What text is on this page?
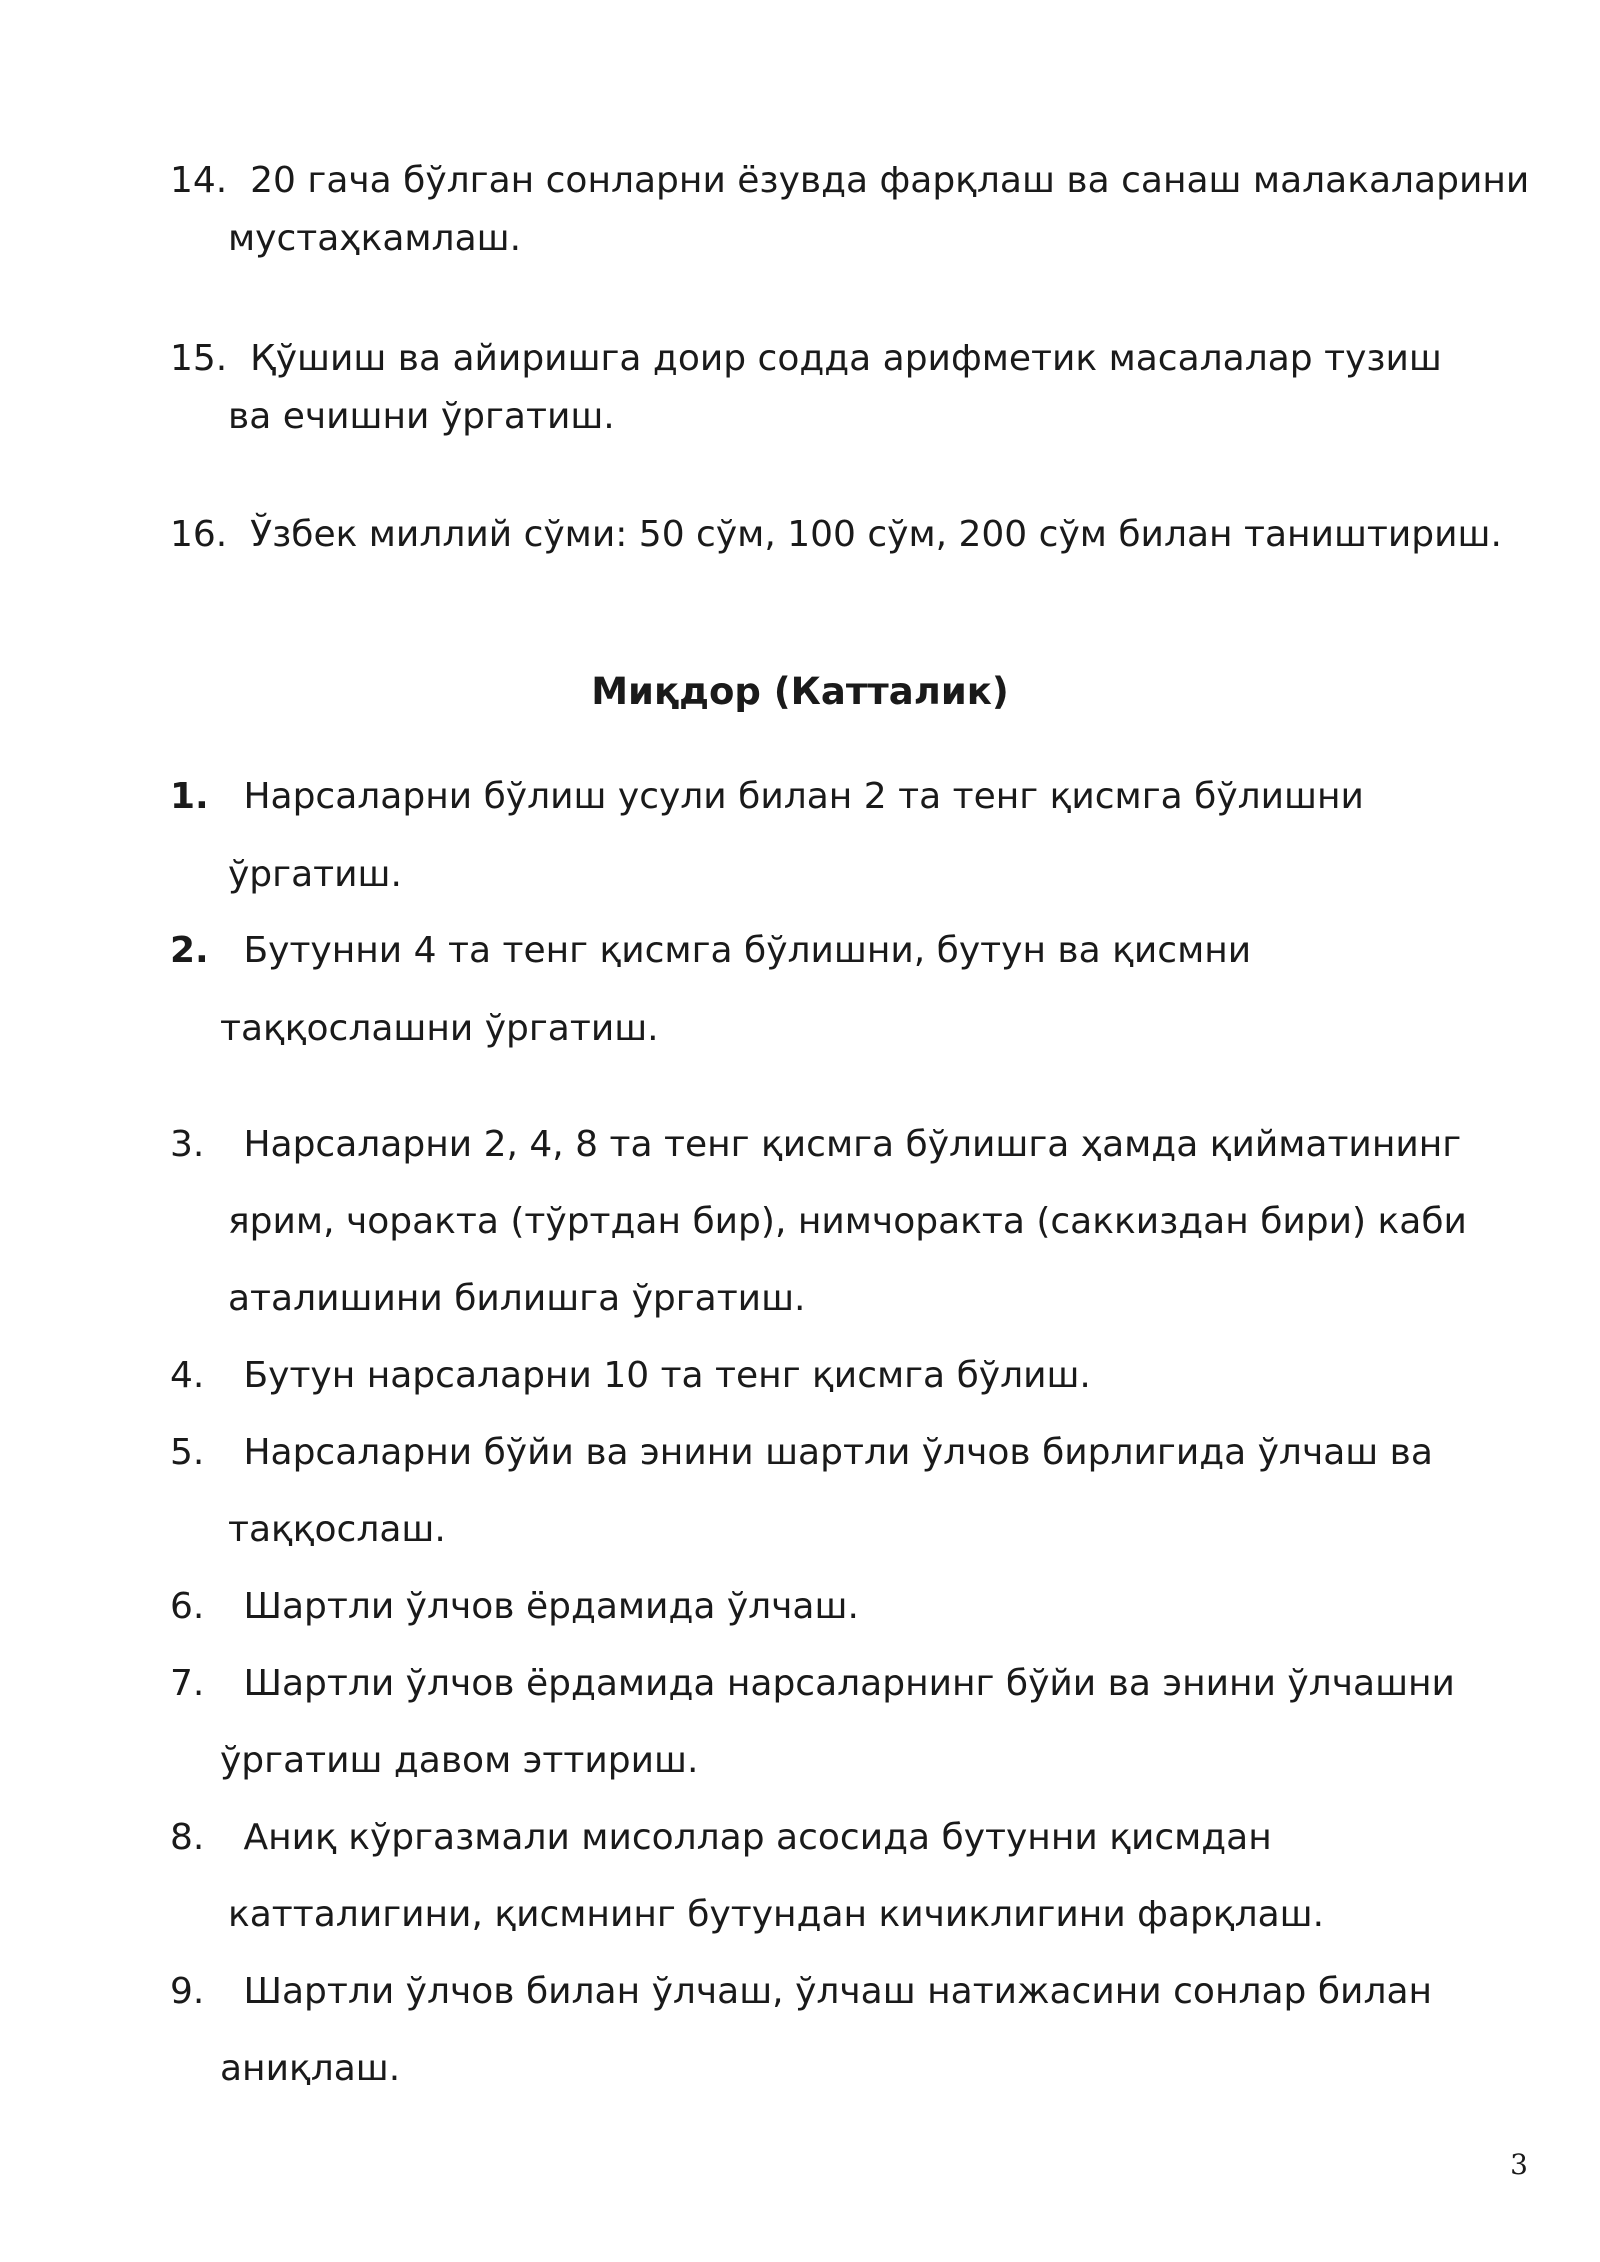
14. 20 гача бўлган сонларни ёзувда фарқлаш ва санаш малакаларини
мустаҳкамлаш.
15. Қўшиш ва айиришга доир содда арифметик масалалар тузиш
ва ечишни ўргатиш.
16. Ўзбек миллий сўми: 50 сўм, 100 сўм, 200 сўм билан таништириш.
Миқдор (Катталик)
1. Нарсаларни бўлиш усули билан 2 та тенг қисмга бўлишни
ўргатиш.
2. Бутунни 4 та тенг қисмга бўлишни, бутун ва қисмни
таққослашни ўргатиш.
3. Нарсаларни 2, 4, 8 та тенг қисмга бўлишга ҳамда қийматининг
ярим, чоракта (тўртдан бир), нимчоракта (саккиздан бири) каби
аталишини билишга ўргатиш.
4. Бутун нарсаларни 10 та тенг қисмга бўлиш.
5. Нарсаларни бўйи ва энини шартли ўлчов бирлигида ўлчаш ва
таққослаш.
6. Шартли ўлчов ёрдамида ўлчаш.
7. Шартли ўлчов ёрдамида нарсаларнинг бўйи ва энини ўлчашни
ўргатиш давом эттириш.
8. Аниқ кўргазмали мисоллар асосида бутунни қисмдан
катталигини, қисмнинг бутундан кичиклигини фарқлаш.
9. Шартли ўлчов билан ўлчаш, ўлчаш натижасини сонлар билан
аниқлаш.
3
